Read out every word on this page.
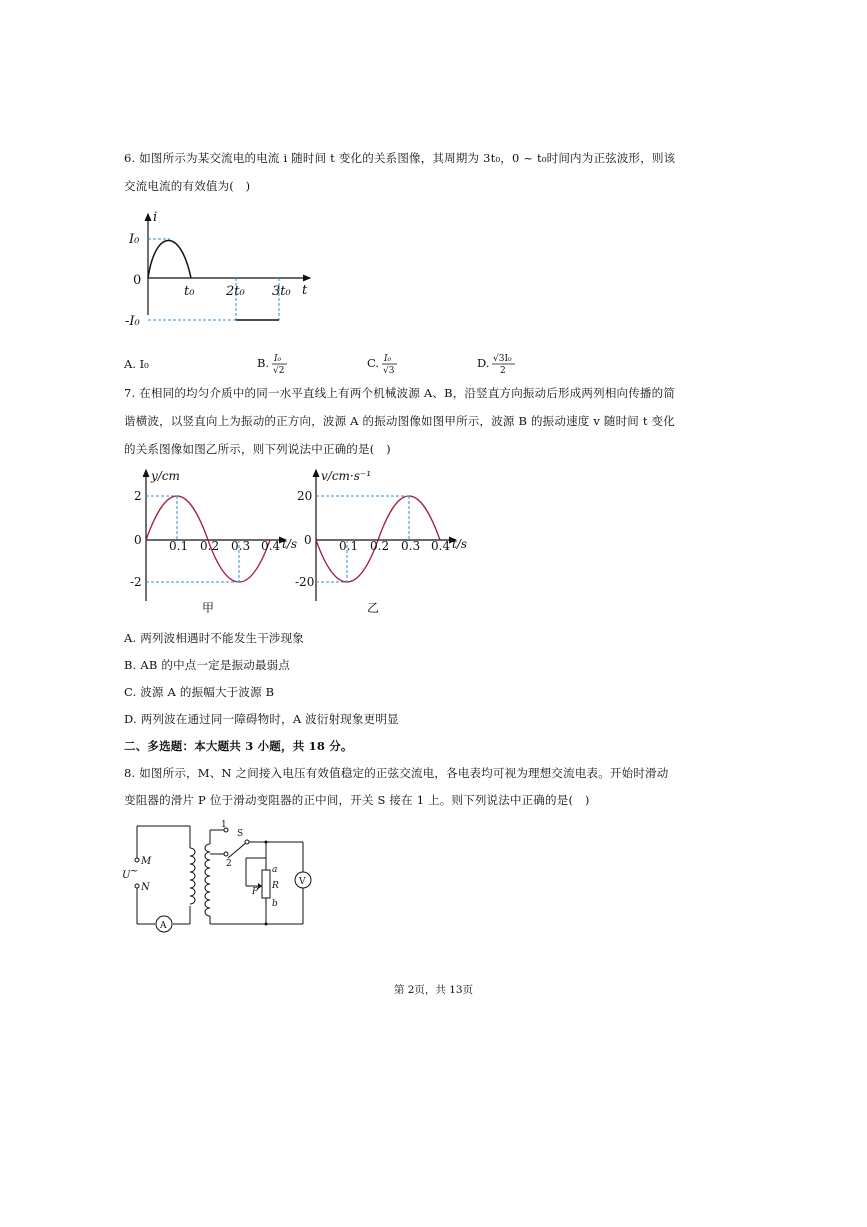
6. 如图所示为某交流电的电流 i 随时间 t 变化的关系图像，其周期为 3t₀，0 ~ t₀时间内为正弦波形，则该
交流电流的有效值为(　)
i
t
I₀
0
-I₀
t₀ 2t₀ 3t₀
A. I₀	B. I₀
√2
C. I₀
√3
D. √3I₀
2
7. 在相同的均匀介质中的同一水平直线上有两个机械波源 A、B，沿竖直方向振动后形成两列相向传播的简
谐横波，以竖直向上为振动的正方向，波源 A 的振动图像如图甲所示，波源 B 的振动速度 v 随时间 t 变化
的关系图像如图乙所示，则下列说法中正确的是(　)
y/cm
t/s
2
0
-2
0.1 0.2 0.3 0.4
甲
v/cm·s⁻¹
t/s
20
0
-20
0.1 0.2 0.3 0.4
乙
A. 两列波相遇时不能发生干涉现象
B. AB 的中点一定是振动最弱点
C. 波源 A 的振幅大于波源 B
D. 两列波在通过同一障碍物时，A 波衍射现象更明显
二、多选题：本大题共 3 小题，共 18 分。
8. 如图所示，M、N 之间接入电压有效值稳定的正弦交流电，各电表均可视为理想交流电表。开始时滑动
变阻器的滑片 P 位于滑动变阻器的正中间，开关 S 接在 1 上。则下列说法中正确的是(　)
M
N
U ~
A
1
2
S
a
b
R
P
V
第 2页，共 13页
